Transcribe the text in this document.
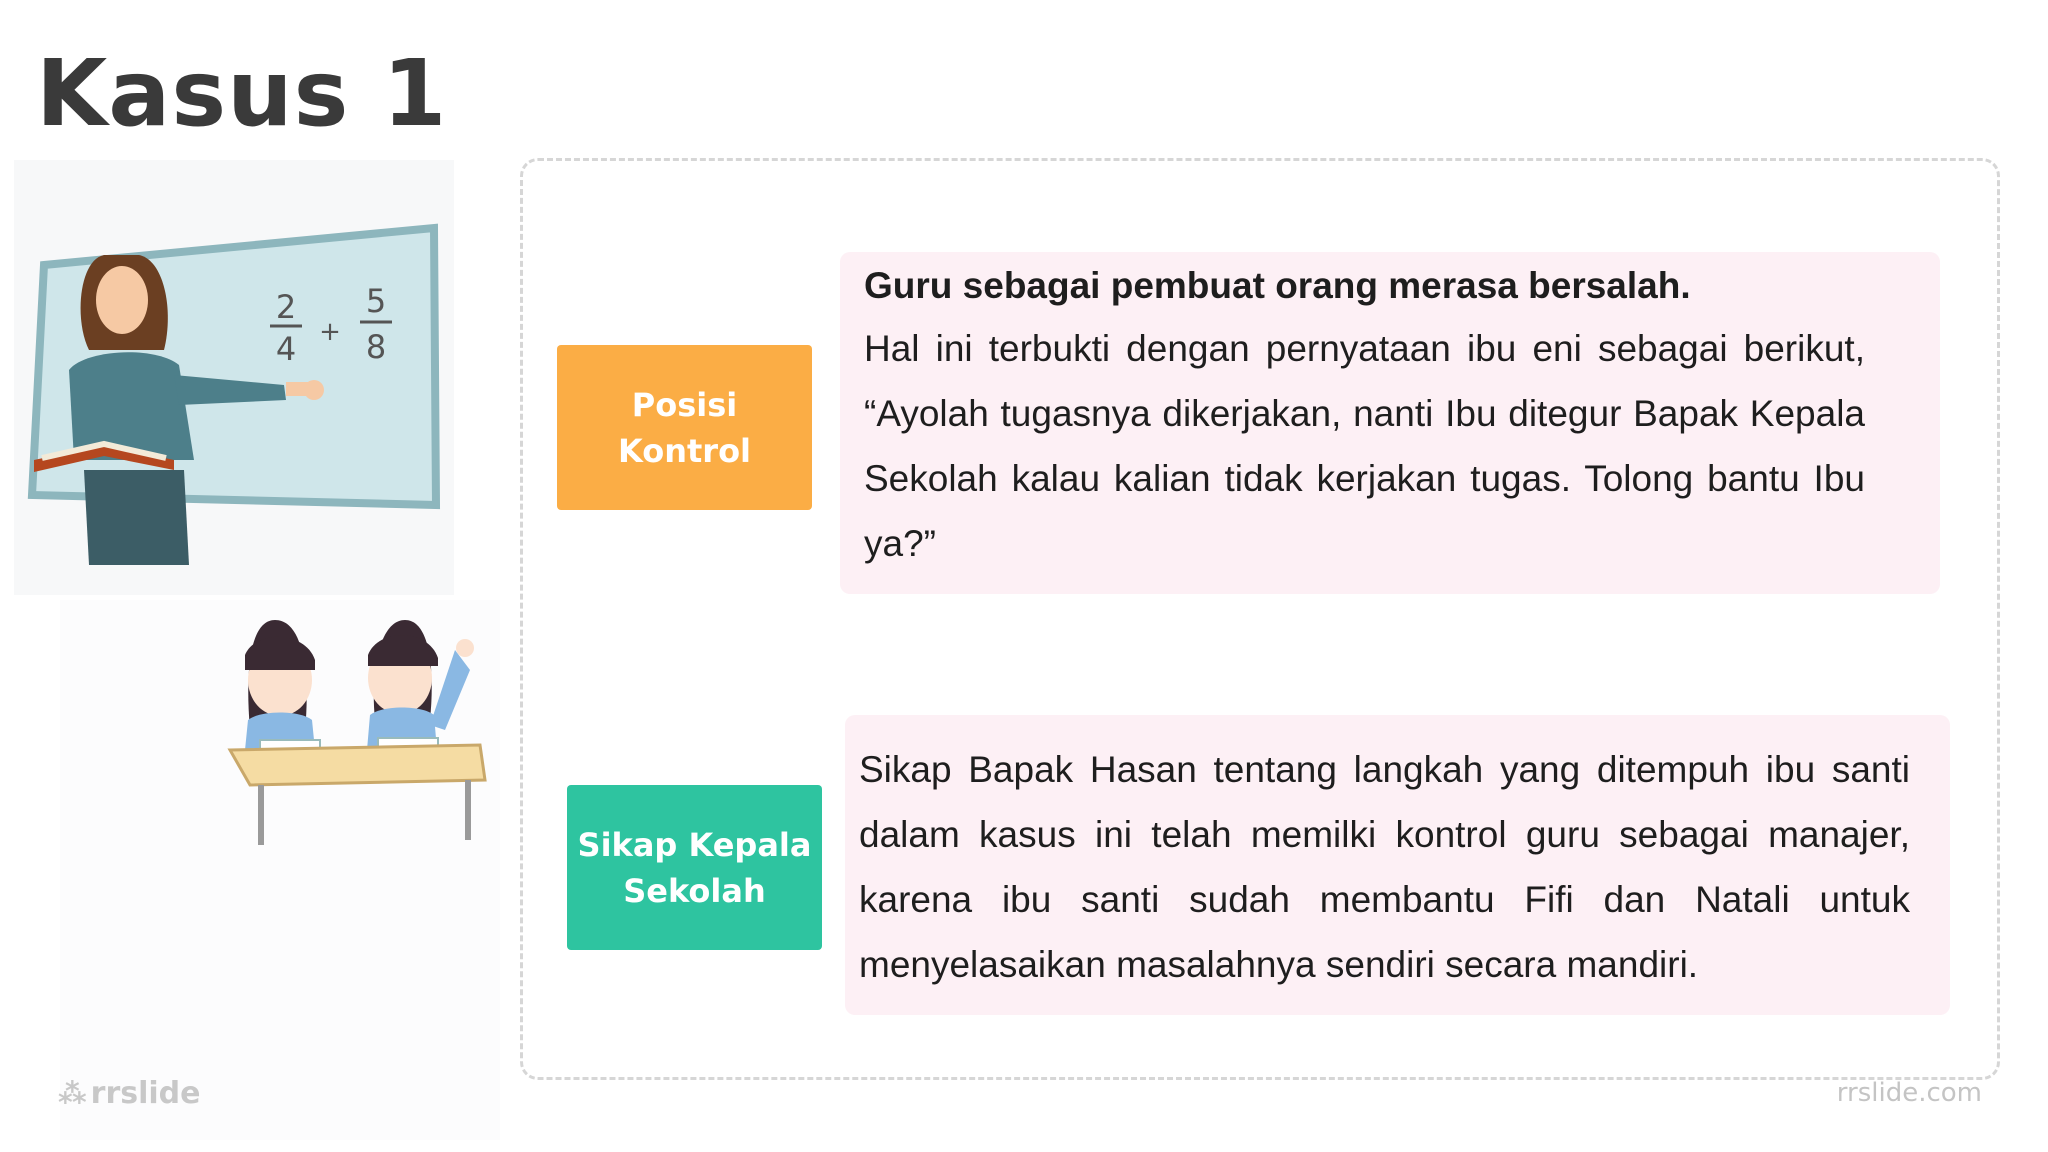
Kasus 1
2
4 +
5
8
Posisi
Kontrol
Guru sebagai pembuat orang merasa bersalah.
Hal ini terbukti dengan pernyataan ibu eni sebagai berikut, “Ayolah tugasnya dikerjakan, nanti Ibu ditegur Bapak Kepala Sekolah kalau kalian tidak kerjakan tugas. Tolong bantu Ibu ya?”
Sikap Kepala
Sekolah
Sikap Bapak Hasan tentang langkah yang ditempuh ibu santi dalam kasus ini telah memilki kontrol guru sebagai manajer, karena ibu santi sudah membantu Fifi dan Natali untuk menyelasaikan masalahnya sendiri secara mandiri.
⁂ rrslide	rrslide.com
